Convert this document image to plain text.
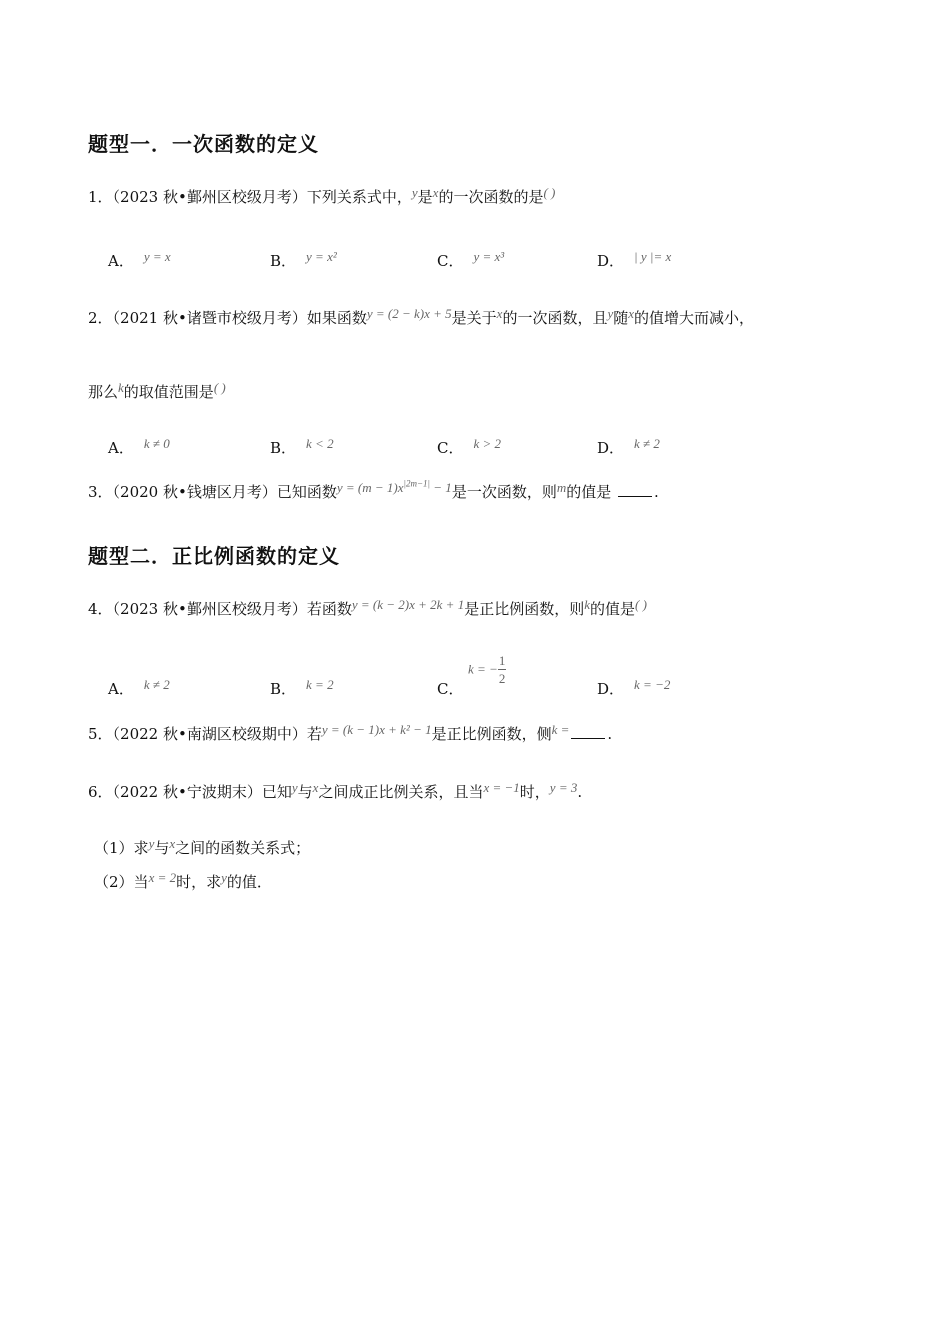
题型一．一次函数的定义
1．（2023 秋•鄞州区校级月考）下列关系式中，y是x的一次函数的是( )
A． y = x	B． y = x²	C． y = x³	D． | y |= x
2．（2021 秋•诸暨市校级月考）如果函数y = (2 − k)x + 5是关于x的一次函数，且y随x的值增大而减小，
那么k的取值范围是( )
A． k ≠ 0	B． k < 2	C． k > 2	D． k ≠ 2
3．（2020 秋•钱塘区月考）已知函数$y = (m - 1)x^{|2m-1|} - 1$是一次函数，则m的值是	.
题型二．正比例函数的定义
4．（2023 秋•鄞州区校级月考）若函数y = (k − 2)x + 2k + 1是正比例函数，则k的值是( )
A． k ≠ 2	B． k = 2	C．
k = − $\frac{1}{2}$
D． k = −2
5．（2022 秋•南湖区校级期中）若y = (k − 1)x + k² − 1是正比例函数，侧k =	.
6．（2022 秋•宁波期末）已知y与x之间成正比例关系，且当x = −1时，y = 3.
（1）求y与x之间的函数关系式；
（2）当x = 2时，求y的值．
